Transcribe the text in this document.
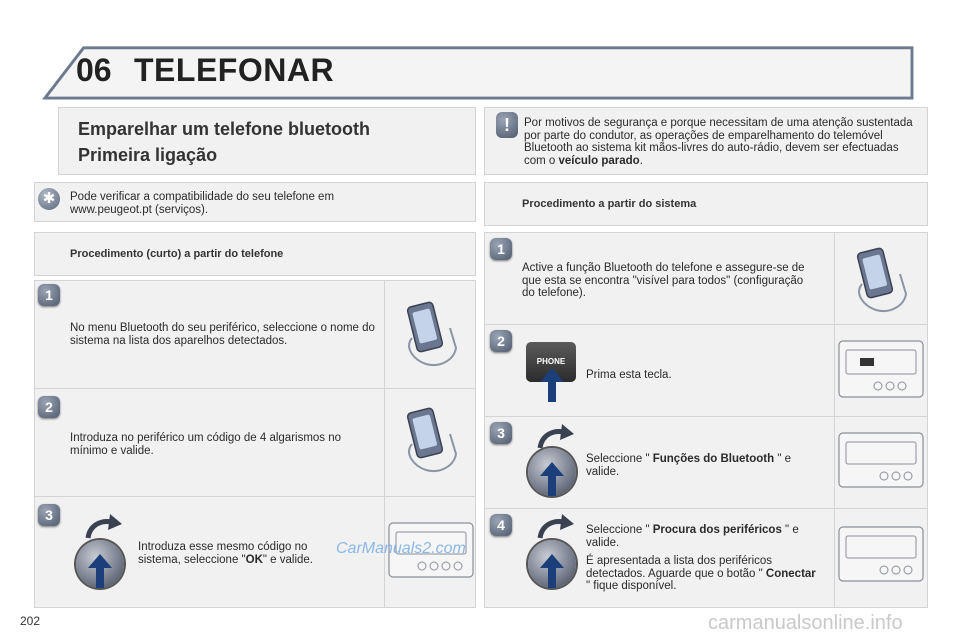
06 TELEFONAR
Emparelhar um telefone bluetooth
Primeira ligação
!	Por motivos de segurança e porque necessitam de uma atenção sustentada por parte do condutor, as operações de emparelhamento do telemóvel Bluetooth ao sistema kit mãos-livres do auto-rádio, devem ser efectuadas com o veículo parado.
✱	Pode verificar a compatibilidade do seu telefone em www.peugeot.pt (serviços).	Procedimento a partir do sistema
Procedimento (curto) a partir do telefone
1
No menu Bluetooth do seu periférico, seleccione o nome do sistema na lista dos aparelhos detectados.
2
Introduza no periférico um código de 4 algarismos no mínimo e valide.
3
Introduza esse mesmo código no sistema, seleccione "OK" e valide.
CarManuals2.com
1
Active a função Bluetooth do telefone e assegure-se de que esta se encontra "visível para todos" (configuração do telefone).
2
PHONE
Prima esta tecla.
3
Seleccione " Funções do Bluetooth " e valide.
4	Seleccione " Procura dos periféricos " e valide.
É apresentada a lista dos periféricos detectados. Aguarde que o botão " Conectar " fique disponível.
202	carmanualsonline.info
